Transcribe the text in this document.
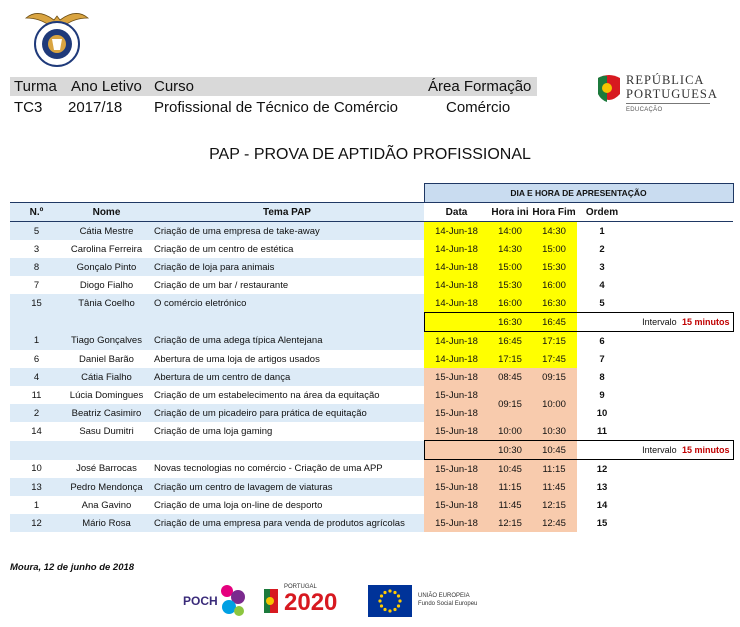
Turma Ano Letivo Curso	Área Formação
TC3 2017/18 Profissional de Técnico de Comércio	Comércio
REPÚBLICA
PORTUGUESA
EDUCAÇÃO
PAP - PROVA DE APTIDÃO PROFISSIONAL
			DIA E HORA DE APRESENTAÇÃO				
N.º	Nome	Tema PAP	Data	Hora ini	Hora Fim	Ordem	
5	Cátia Mestre	Criação de uma empresa de take-away	14-Jun-18	14:00	14:30	1	
3	Carolina Ferreira	Criação de um centro de estética	14-Jun-18	14:30	15:00	2	
8	Gonçalo Pinto	Criação de loja para animais	14-Jun-18	15:00	15:30	3	
7	Diogo Fialho	Criação de um bar / restaurante	14-Jun-18	15:30	16:00	4	
15	Tânia Coelho	O comércio eletrónico	14-Jun-18	16:00	16:30	5	
				16:30	16:45		Intervalo 15 minutos
1	Tiago Gonçalves	Criação de uma adega típica Alentejana	14-Jun-18	16:45	17:15	6	
6	Daniel Barão	Abertura de uma loja de artigos usados	14-Jun-18	17:15	17:45	7	
4	Cátia Fialho	Abertura de um centro de dança	15-Jun-18	08:45	09:15	8	
11	Lúcia Domingues	Criação de um estabelecimento na área da equitação	15-Jun-18	09:15	10:00	9	
2	Beatriz Casimiro	Criação de um picadeiro para prática de equitação	15-Jun-18			10	
14	Sasu Dumitri	Criação de uma loja gaming	15-Jun-18	10:00	10:30	11	
				10:30	10:45		Intervalo 15 minutos
10	José Barrocas	Novas tecnologias no comércio - Criação de uma APP	15-Jun-18	10:45	11:15	12	
13	Pedro Mendonça	Criação um centro de lavagem de viaturas	15-Jun-18	11:15	11:45	13	
1	Ana Gavino	Criação de uma loja on-line de desporto	15-Jun-18	11:45	12:15	14	
12	Mário Rosa	Criação de uma empresa para venda de produtos agrícolas	15-Jun-18	12:15	12:45	15	
Moura, 12 de junho de 2018
POCH
PORTUGAL
2020	UNIÃO EUROPEIA
Fundo Social Europeu
